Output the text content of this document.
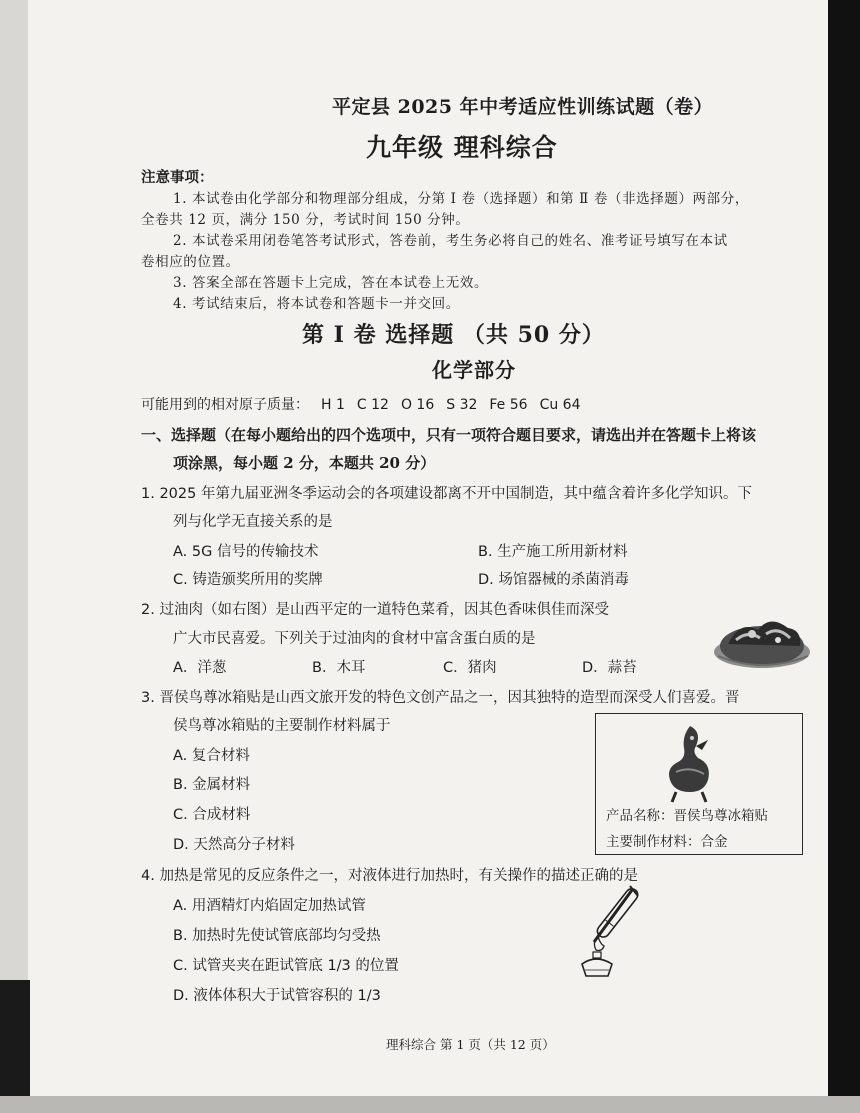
平定县 2025 年中考适应性训练试题（卷）
九年级 理科综合
注意事项：
1. 本试卷由化学部分和物理部分组成，分第 Ⅰ 卷（选择题）和第 Ⅱ 卷（非选择题）两部分，
全卷共 12 页，满分 150 分，考试时间 150 分钟。
2. 本试卷采用闭卷笔答考试形式，答卷前，考生务必将自己的姓名、准考证号填写在本试
卷相应的位置。
3. 答案全部在答题卡上完成，答在本试卷上无效。
4. 考试结束后，将本试卷和答题卡一并交回。
第 Ⅰ 卷 选择题 （共 50 分）
化学部分
可能用到的相对原子质量： H 1 C 12 O 16 S 32 Fe 56 Cu 64
一、选择题（在每小题给出的四个选项中，只有一项符合题目要求，请选出并在答题卡上将该
项涂黑，每小题 2 分，本题共 20 分）
1. 2025 年第九届亚洲冬季运动会的各项建设都离不开中国制造，其中蕴含着许多化学知识。下
列与化学无直接关系的是
A. 5G 信号的传输技术	B. 生产施工所用新材料
C. 铸造颁奖所用的奖牌	D. 场馆器械的杀菌消毒
2. 过油肉（如右图）是山西平定的一道特色菜肴，因其色香味俱佳而深受
广大市民喜爱。下列关于过油肉的食材中富含蛋白质的是
A．洋葱	B．木耳	C．猪肉	D．蒜苔
3. 晋侯鸟尊冰箱贴是山西文旅开发的特色文创产品之一，因其独特的造型而深受人们喜爱。晋
侯鸟尊冰箱贴的主要制作材料属于
A. 复合材料
B. 金属材料
C. 合成材料
D. 天然高分子材料
产品名称：晋侯鸟尊冰箱贴
主要制作材料：合金
4. 加热是常见的反应条件之一，对液体进行加热时，有关操作的描述正确的是
A. 用酒精灯内焰固定加热试管
B. 加热时先使试管底部均匀受热
C. 试管夹夹在距试管底 1/3 的位置
D. 液体体积大于试管容积的 1/3
理科综合 第 1 页（共 12 页）
